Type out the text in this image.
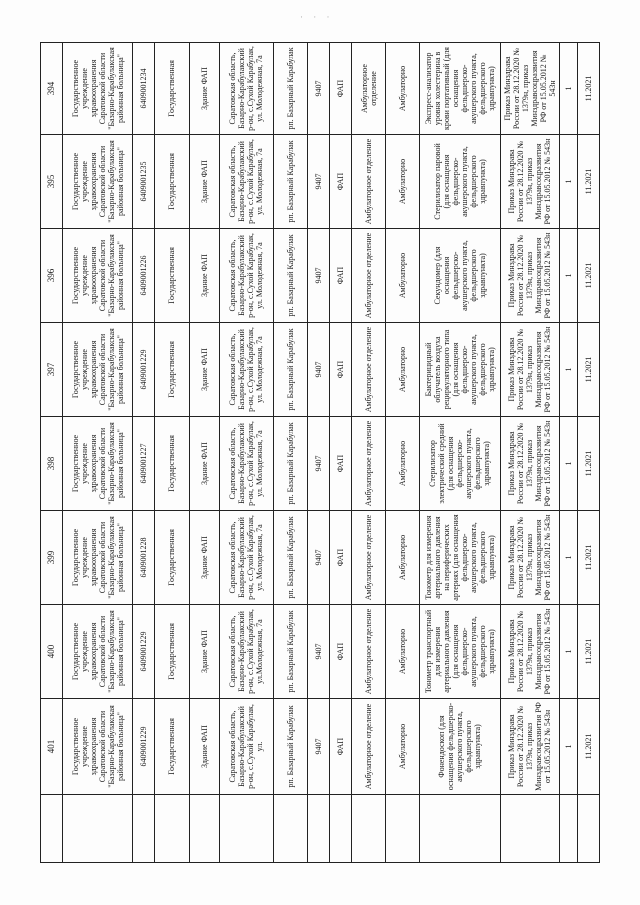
· · ·
	401	400	399	398	397	396	395	394
	Государственное учреждение здравоохранения Саратовской области "Базарно-Карабулакская районная больница"	Государственное учреждение здравоохранения Саратовской области "Базарно-Карабулакская районная больница"	Государственное учреждение здравоохранения Саратовской области "Базарно-Карабулакская районная больница"	Государственное учреждение здравоохранения Саратовской области "Базарно-Карабулакская районная больница"	Государственное учреждение здравоохранения Саратовской области "Базарно-Карабулакская районная больница"	Государственное учреждение здравоохранения Саратовской области "Базарно-Карабулакская районная больница"	Государственное учреждение здравоохранения Саратовской области "Базарно-Карабулакская районная больница"	Государственное учреждение здравоохранения Саратовской области "Базарно-Карабулакская районная больница"
	6409001229	6409001229	6409001228	6409001227	6409001229	6409001226	6409001235	6409001234
	Государственная	Государственная	Государственная	Государственная	Государственная	Государственная	Государственная	Государственная
	Здание ФАП	Здание ФАП	Здание ФАП	Здание ФАП	Здание ФАП	Здание ФАП	Здание ФАП	Здание ФАП
	Саратовская область, Базарно-Карабулакский р-он, с.Сухой Карабулак, ул.	Саратовская область, Базарно-Карабулакский р-он, с.Сухой Карабулак, ул.Молодежная, 7а	Саратовская область, Базарно-Карабулакский р-он, с.Сухой Карабулак, ул. Молодежная, 7а	Саратовская область, Базарно-Карабулакский р-он, с.Сухой Карабулак, ул. Молодежная, 7а	Саратовская область, Базарно-Карабулакский р-он, с.Сухой Карабулак, ул. Молодежная, 7а	Саратовская область, Базарно-Карабулакский р-он, с.Сухой Карабулак, ул. Молодежная, 7а	Саратовская область, Базарно-Карабулакский р-он, с.Сухой Карабулак, ул. Молодежная, 7а	Саратовская область, Базарно-Карабулакский р-он, с.Сухой Карабулак, ул. Молодежная, 7а
	рп. Базарный Карабулак	рп. Базарный Карабулак	рп. Базарный Карабулак	рп. Базарный Карабулак	рп. Базарный Карабулак	рп. Базарный Карабулак	рп. Базарный Карабулак	рп. Базарный Карабулак
	9407	9407	9407	9407	9407	9407	9407	9407
	ФАП	ФАП	ФАП	ФАП	ФАП	ФАП	ФАП	ФАП
	Амбулаторное отделение	Амбулаторное отделение	Амбулаторное отделение	Амбулаторное отделение	Амбулаторное отделение	Амбулаторное отделение	Амбулаторное отделение	Амбулаторное отделение
	Амбулаторно	Амбулаторно	Амбулаторно	Амбулаторно	Амбулаторно	Амбулаторно	Амбулаторно	Амбулаторно
	Фонендоскоп (для оснащения фельдшерско-акушерского пункта, фельдшерского здравпункта)	Тонометр транспортный для измерения артериального давления (для оснащения фельдшерско-акушерского пункта, фельдшерского здравпункта)	Тонометр для измерения артериального давления на периферических артериях (для оснащения фельдшерско-акушерского пункта, фельдшерского здравпункта)	Стерилизатор электрический средний (для оснащения фельдшерско-акушерского пункта, фельдшерского здравпункта)	Бактерицидный облучатель воздуха рециркуляторного типа (для оснащения фельдшерско-акушерского пункта, фельдшерского здравпункта)	Секундомер (для оснащения фельдшерско-акушерского пункта, фельдшерского здравпункта)	Стерилизатор паровой (для оснащения фельдшерско-акушерского пункта, фельдшерского здравпункта)	Экспресс-анализатор уровня холестерина в крови портативный (для оснащения фельдшерско-акушерского пункта, фельдшерского здравпункта)
	Приказ Минздрава России от 28.12.2020 № 1379н, приказ Минздравсоцразвития РФ от 15.05.2012 № 543н	Приказ Минздрава России от 28.12.2020 № 1379н, приказ Минздравсоцразвития РФ от 15.05.2012 № 543н	Приказ Минздрава России от 28.12.2020 № 1379н, приказ Минздравсоцразвития РФ от 15.05.2012 № 543н	Приказ Минздрава России от 28.12.2020 № 1379н, приказ Минздравсоцразвития РФ от 15.05.2012 № 543н	Приказ Минздрава России от 28.12.2020 № 1379н, приказ Минздравсоцразвития РФ от 15.05.2012 № 543н	Приказ Минздрава России от 28.12.2020 № 1379н, приказ Минздравсоцразвития РФ от 15.05.2012 № 543н	Приказ Минздрава России от 28.12.2020 № 1379н, приказ Минздравсоцразвития РФ от 15.05.2012 № 543н	Приказ Минздрава России от 28.12.2020 № 1379н, приказ Минздравсоцразвития РФ от 15.05.2012 № 543н
	1	1	1	1	1	1	1	1
	11.2021	11.2021	11.2021	11.2021	11.2021	11.2021	11.2021	11.2021
